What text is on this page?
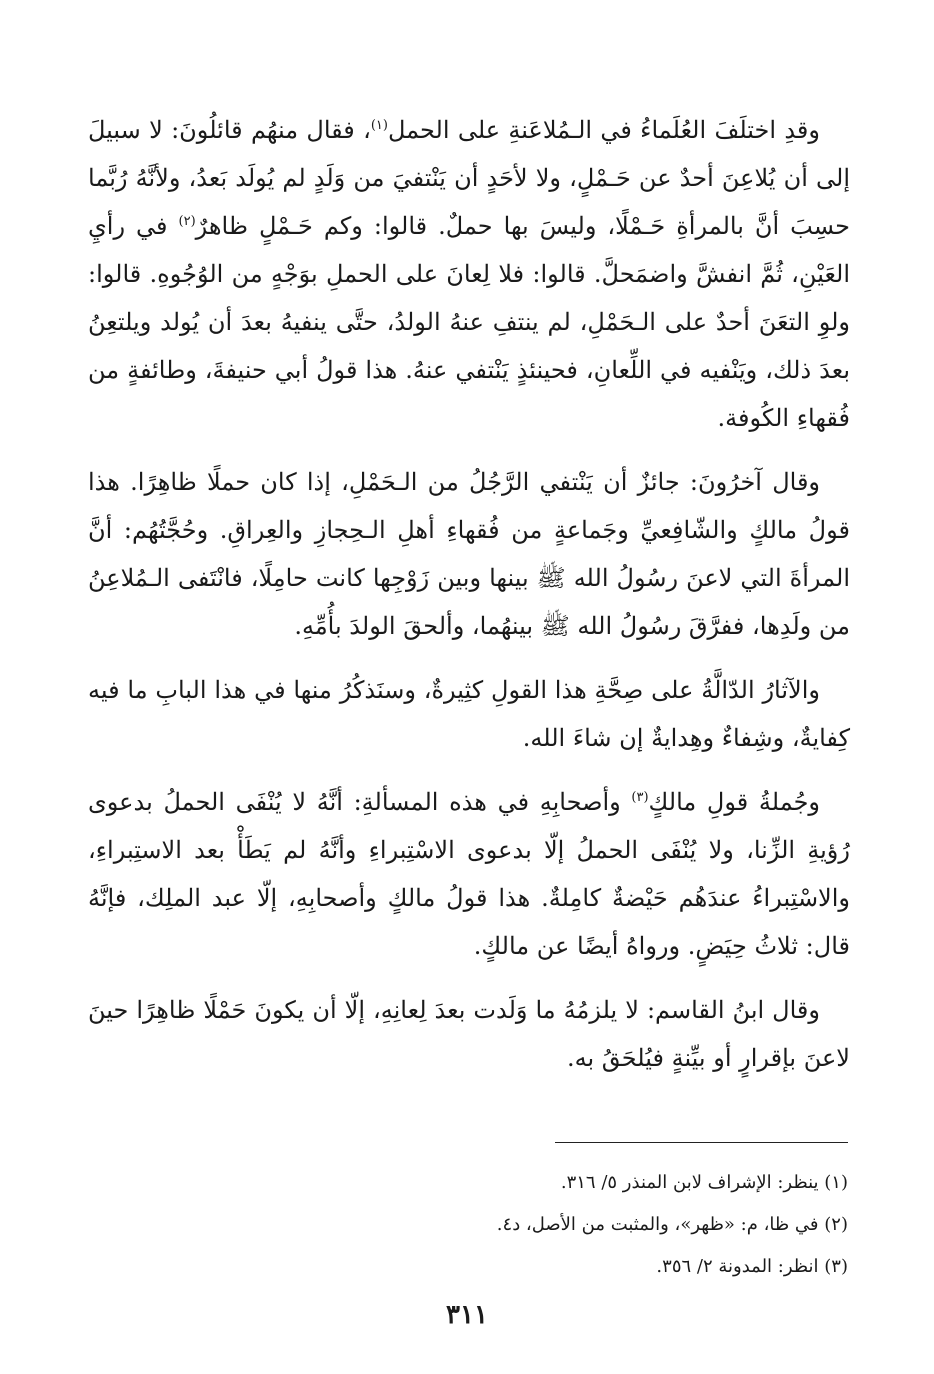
وقدِ اختلَفَ العُلَماءُ في الـمُلاعَنةِ على الحمل$^{(١)}$، فقال منهُم قائلُونَ: لا سبيلَ إلى أن يُلاعِنَ أحدٌ عن حَـمْلٍ، ولا لأحَدٍ أن يَنْتفيَ من وَلَدٍ لم يُولَد بَعدُ، ولأنَّهُ رُبَّما حسِبَ أنَّ بالمرأةِ حَـمْلًا، وليسَ بها حملٌ. قالوا: وكم حَـمْلٍ ظاهرٌ$^{(٢)}$ في رأيِ العَيْنِ، ثُمَّ انفشَّ واضمَحلَّ. قالوا: فلا لِعانَ على الحملِ بوَجْهٍ من الوُجُوهِ. قالوا: ولوِ التعَنَ أحدٌ على الـحَمْلِ، لم ينتفِ عنهُ الولدُ، حتَّى ينفيهُ بعدَ أن يُولد ويلتعِنُ بعدَ ذلك، ويَنْفيه في اللِّعانِ، فحينئذٍ يَنْتفي عنهُ. هذا قولُ أبي حنيفةَ، وطائفةٍ من فُقهاءِ الكُوفة.

وقال آخرُونَ: جائزٌ أن يَنْتفي الرَّجُلُ من الـحَمْلِ، إذا كان حملًا ظاهِرًا. هذا قولُ مالكٍ والشّافِعيِّ وجَماعةٍ من فُقهاءِ أهلِ الـحِجازِ والعِراقِ. وحُجَّتُهُم: أنَّ المرأةَ التي لاعنَ رسُولُ الله ﷺ بينها وبين زَوْجِها كانت حامِلًا، فانْتَفى الـمُلاعِنُ من ولَدِها، ففرَّقَ رسُولُ الله ﷺ بينهُما، وألحقَ الولدَ بأُمِّهِ.

والآثارُ الدّالَّةُ على صِحَّةِ هذا القولِ كثِيرةٌ، وسنَذكُرُ منها في هذا البابِ ما فيه كِفايةٌ، وشِفاءٌ وهِدايةٌ إن شاءَ الله.

وجُملةُ قولِ مالكٍ$^{(٣)}$ وأصحابِهِ في هذه المسألةِ: أنَّهُ لا يُنْفَى الحملُ بدعوى رُؤيةِ الزِّنا، ولا يُنْفَى الحملُ إلّا بدعوى الاسْتِبراءِ وأنَّهُ لم يَطَأْ بعد الاستِبراءِ، والاسْتِبراءُ عندَهُم حَيْضةٌ كامِلةٌ. هذا قولُ مالكٍ وأصحابِهِ، إلّا عبد الملِك، فإنَّهُ قال: ثلاثُ حِيَضٍ. ورواهُ أيضًا عن مالكٍ.

وقال ابنُ القاسم: لا يلزمُهُ ما وَلَدت بعدَ لِعانِهِ، إلّا أن يكونَ حَمْلًا ظاهِرًا حينَ لاعنَ بإقرارٍ أو بيِّنةٍ فيُلحَقُ به.

(١) ينظر: الإشراف لابن المنذر ٥/ ٣١٦.

(٢) في ظا، م: «ظهر»، والمثبت من الأصل، د٤.

(٣) انظر: المدونة ٢/ ٣٥٦.

٣١١
